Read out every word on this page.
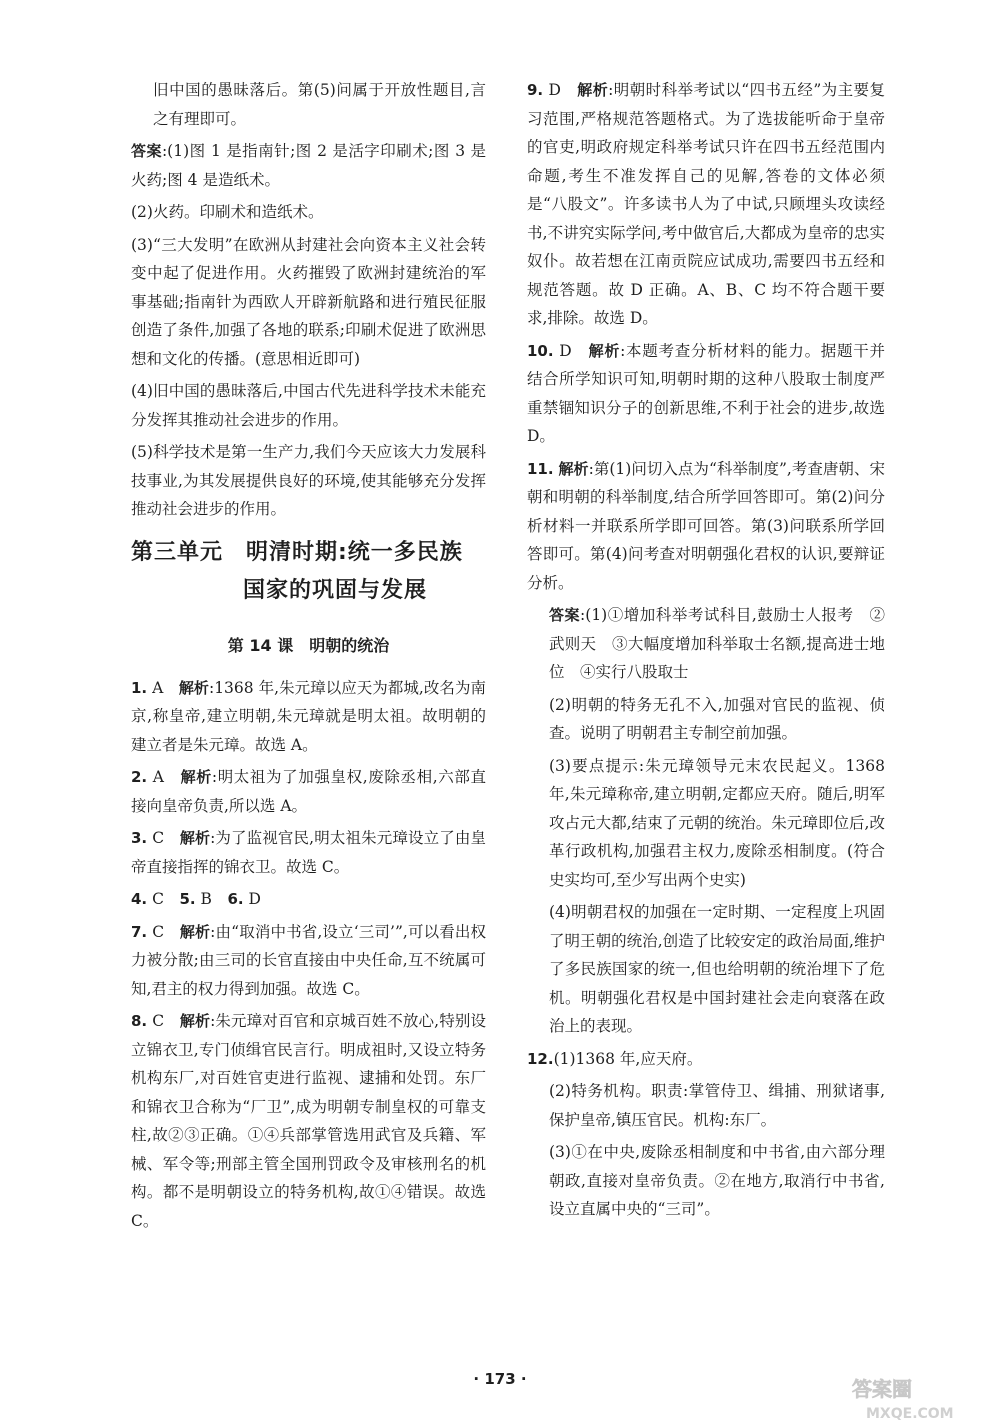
旧中国的愚昧落后。第(5)问属于开放性题目,言之有理即可。

答案:(1)图 1 是指南针;图 2 是活字印刷术;图 3 是火药;图 4 是造纸术。

(2)火药。印刷术和造纸术。

(3)“三大发明”在欧洲从封建社会向资本主义社会转变中起了促进作用。火药摧毁了欧洲封建统治的军事基础;指南针为西欧人开辟新航路和进行殖民征服创造了条件,加强了各地的联系;印刷术促进了欧洲思想和文化的传播。(意思相近即可)

(4)旧中国的愚昧落后,中国古代先进科学技术未能充分发挥其推动社会进步的作用。

(5)科学技术是第一生产力,我们今天应该大力发展科技事业,为其发展提供良好的环境,使其能够充分发挥推动社会进步的作用。

第三单元　明清时期:统一多民族
国家的巩固与发展
第 14 课　明朝的统治

1. A　 解析:1368 年,朱元璋以应天为都城,改名为南京,称皇帝,建立明朝,朱元璋就是明太祖。故明朝的建立者是朱元璋。故选 A。

2. A　 解析:明太祖为了加强皇权,废除丞相,六部直接向皇帝负责,所以选 A。

3. C　 解析:为了监视官民,明太祖朱元璋设立了由皇帝直接指挥的锦衣卫。故选 C。

4. C　 5. B　 6. D

7. C　 解析:由“取消中书省,设立‘三司’”,可以看出权力被分散;由三司的长官直接由中央任命,互不统属可知,君主的权力得到加强。故选 C。

8. C　 解析:朱元璋对百官和京城百姓不放心,特别设立锦衣卫,专门侦缉官民言行。明成祖时,又设立特务机构东厂,对百姓官吏进行监视、逮捕和处罚。东厂和锦衣卫合称为“厂卫”,成为明朝专制皇权的可靠支柱,故②③正确。①④兵部掌管选用武官及兵籍、军械、军令等;刑部主管全国刑罚政令及审核刑名的机构。都不是明朝设立的特务机构,故①④错误。故选 C。

9. D　 解析:明朝时科举考试以“四书五经”为主要复习范围,严格规范答题格式。为了选拔能听命于皇帝的官吏,明政府规定科举考试只许在四书五经范围内命题,考生不准发挥自己的见解,答卷的文体必须是“八股文”。许多读书人为了中试,只顾埋头攻读经书,不讲究实际学问,考中做官后,大都成为皇帝的忠实奴仆。故若想在江南贡院应试成功,需要四书五经和规范答题。故 D 正确。A、B、C 均不符合题干要求,排除。故选 D。

10. D　 解析:本题考查分析材料的能力。据题干并结合所学知识可知,明朝时期的这种八股取士制度严重禁锢知识分子的创新思维,不利于社会的进步,故选 D。

11. 解析:第(1)问切入点为“科举制度”,考查唐朝、宋朝和明朝的科举制度,结合所学回答即可。第(2)问分析材料一并联系所学即可回答。第(3)问联系所学回答即可。第(4)问考查对明朝强化君权的认识,要辩证分析。

答案:(1)①增加科举考试科目,鼓励士人报考　②武则天　③大幅度增加科举取士名额,提高进士地位　④实行八股取士

(2)明朝的特务无孔不入,加强对官民的监视、侦查。说明了明朝君主专制空前加强。

(3)要点提示:朱元璋领导元末农民起义。1368 年,朱元璋称帝,建立明朝,定都应天府。随后,明军攻占元大都,结束了元朝的统治。朱元璋即位后,改革行政机构,加强君主权力,废除丞相制度。(符合史实均可,至少写出两个史实)

(4)明朝君权的加强在一定时期、一定程度上巩固了明王朝的统治,创造了比较安定的政治局面,维护了多民族国家的统一,但也给明朝的统治埋下了危机。明朝强化君权是中国封建社会走向衰落在政治上的表现。

12.(1)1368 年,应天府。

(2)特务机构。职责:掌管侍卫、缉捕、刑狱诸事,保护皇帝,镇压官民。机构:东厂。

(3)①在中央,废除丞相制度和中书省,由六部分理朝政,直接对皇帝负责。②在地方,取消行中书省,设立直属中央的“三司”。

· 173 ·	答案圈
MXQE.COM
